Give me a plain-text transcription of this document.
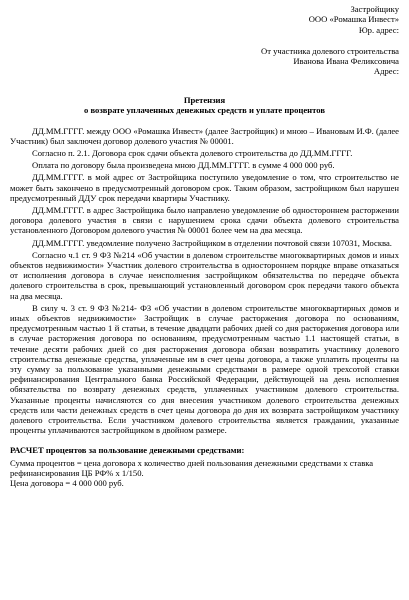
Застройщику
ООО «Ромашка Инвест»
Юр. адрес:
От участника долевого строительства
Иванова Ивана Феликсовича
Адрес:
Претензия
о возврате уплаченных денежных средств и уплате процентов

ДД.ММ.ГГГГ. между ООО «Ромашка Инвест» (далее Застройщик) и мною – Ивановым И.Ф. (далее Участник) был заключен договор долевого участия № 00001.

Согласно п. 2.1. Договора срок сдачи объекта долевого строительства до ДД.ММ.ГГГГ.

Оплата по договору была произведена мною ДД.ММ.ГГГГ. в сумме 4 000 000 руб.

ДД.ММ.ГГГГ. в мой адрес от Застройщика поступило уведомление о том, что строительство не может быть закончено в предусмотренный договором срок. Таким образом, застройщиком был нарушен предусмотренный ДДУ срок передачи квартиры Участнику.

ДД.ММ.ГГГГ. в адрес Застройщика было направлено уведомление об одностороннем расторжении договора долевого участия в связи с нарушением срока сдачи объекта долевого строительства установленного Договором долевого участия № 00001 более чем на два месяца.

ДД.ММ.ГГГГ. уведомление получено Застройщиком в отделении почтовой связи 107031, Москва.

Согласно ч.1 ст. 9 ФЗ №214 «Об участии в долевом строительстве многоквартирных домов и иных объектов недвижимости» Участник долевого строительства в одностороннем порядке вправе отказаться от исполнения договора в случае неисполнения застройщиком обязательства по передаче объекта долевого строительства в срок, превышающий установленный договором срок передачи такого объекта на два месяца.

В силу ч. 3 ст. 9 ФЗ №214- ФЗ «Об участии в долевом строительстве многоквартирных домов и иных объектов недвижимости» Застройщик в случае расторжения договора по основаниям, предусмотренным частью 1 й статьи, в течение двадцати рабочих дней со дня расторжения договора или в случае расторжения договора по основаниям, предусмотренным частью 1.1 настоящей статьи, в течение десяти рабочих дней со дня расторжения договора обязан возвратить участнику долевого строительства денежные средства, уплаченные им в счет цены договора, а также уплатить проценты на эту сумму за пользование указанными денежными средствами в размере одной трехсотой ставки рефинансирования Центрального банка Российской Федерации, действующей на день исполнения обязательства по возврату денежных средств, уплаченных участником долевого строительства. Указанные проценты начисляются со дня внесения участником долевого строительства денежных средств или части денежных средств в счет цены договора до дня их возврата застройщиком участнику долевого строительства. Если участником долевого строительства является гражданин, указанные проценты уплачиваются застройщиком в двойном размере.

РАСЧЕТ процентов за пользование денежными средствами:
Сумма процентов = цена договора х количество дней пользования денежными средствами х ставка рефинансирования ЦБ РФ% х 1/150.
Цена договора = 4 000 000 руб.
